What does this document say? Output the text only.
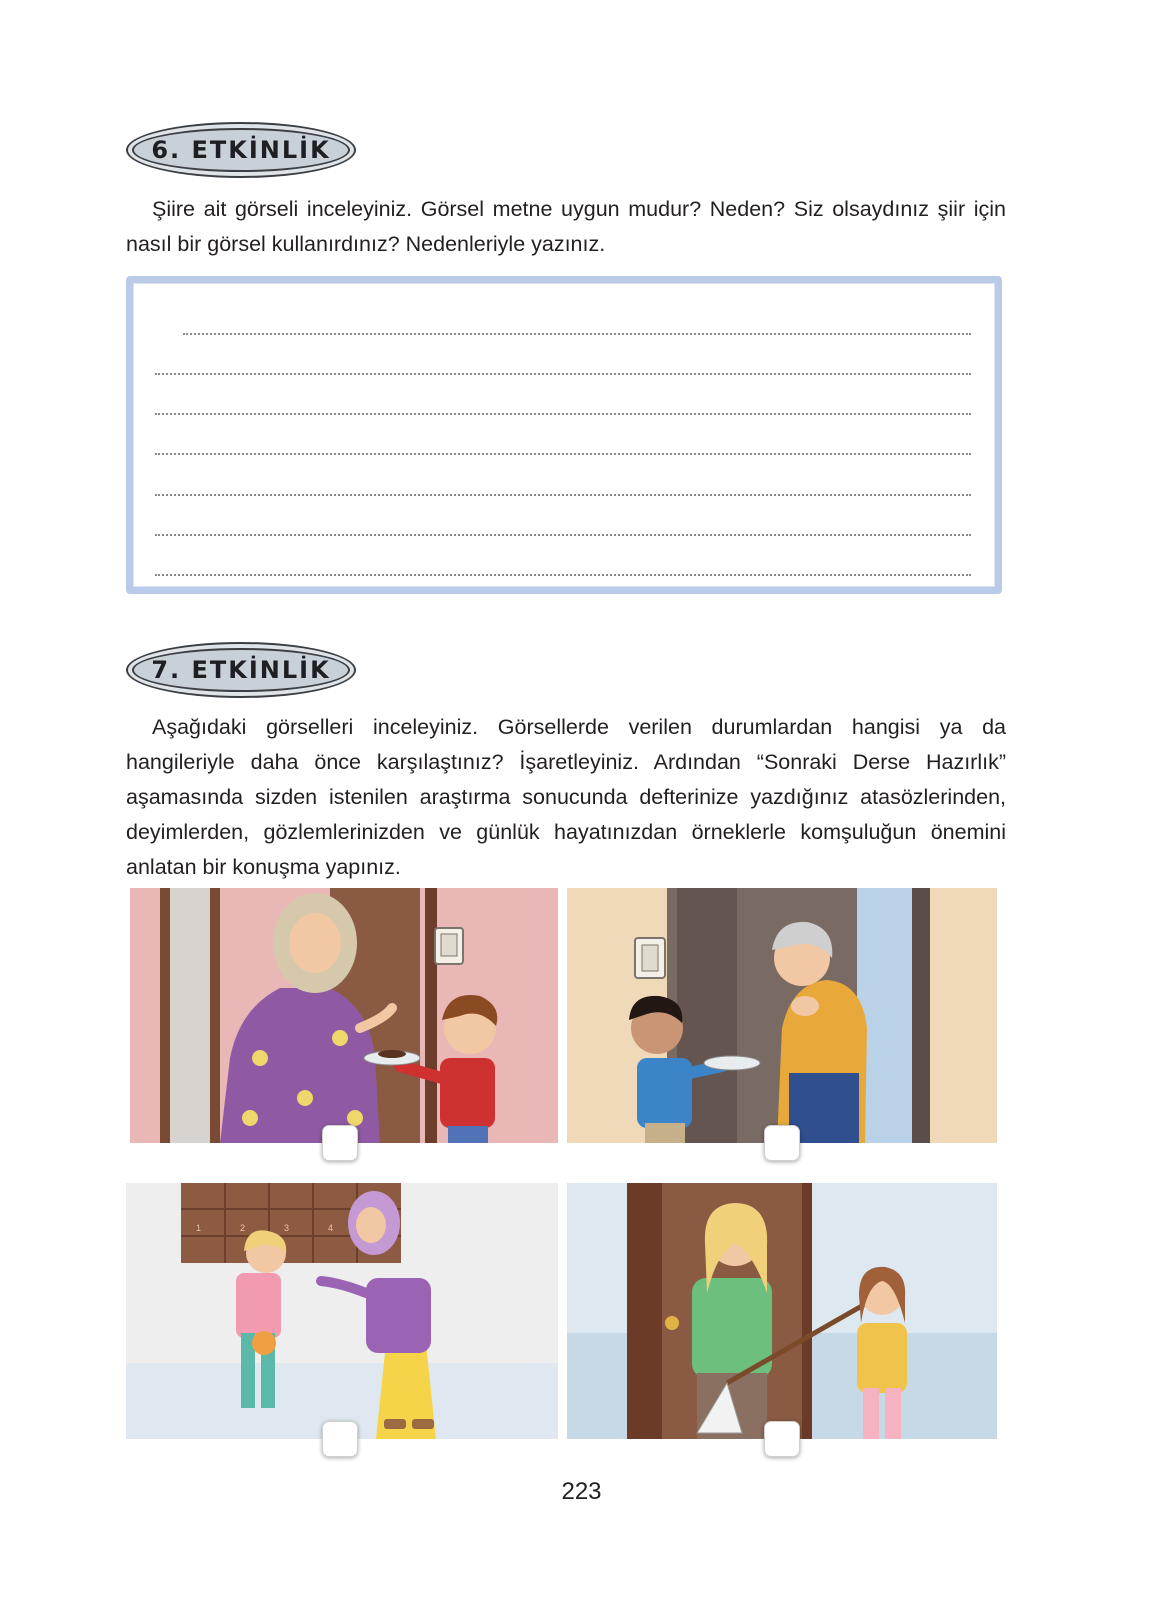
6. ETKİNLİK

Şiire ait görseli inceleyiniz. Görsel metne uygun mudur? Neden? Siz olsaydınız şiir için nasıl bir görsel kullanırdınız? Nedenleriyle yazınız.

7. ETKİNLİK

Aşağıdaki görselleri inceleyiniz. Görsellerde verilen durumlardan hangisi ya da hangileriyle daha önce karşılaştınız? İşaretleyiniz. Ardından “Sonraki Derse Hazırlık” aşamasında sizden istenilen araştırma sonucunda defterinize yazdığınız atasözlerinden, deyimlerden, gözlemlerinizden ve günlük hayatınızdan örneklerle komşuluğun önemini anlatan bir konuşma yapınız.

1	2	3	4
223
